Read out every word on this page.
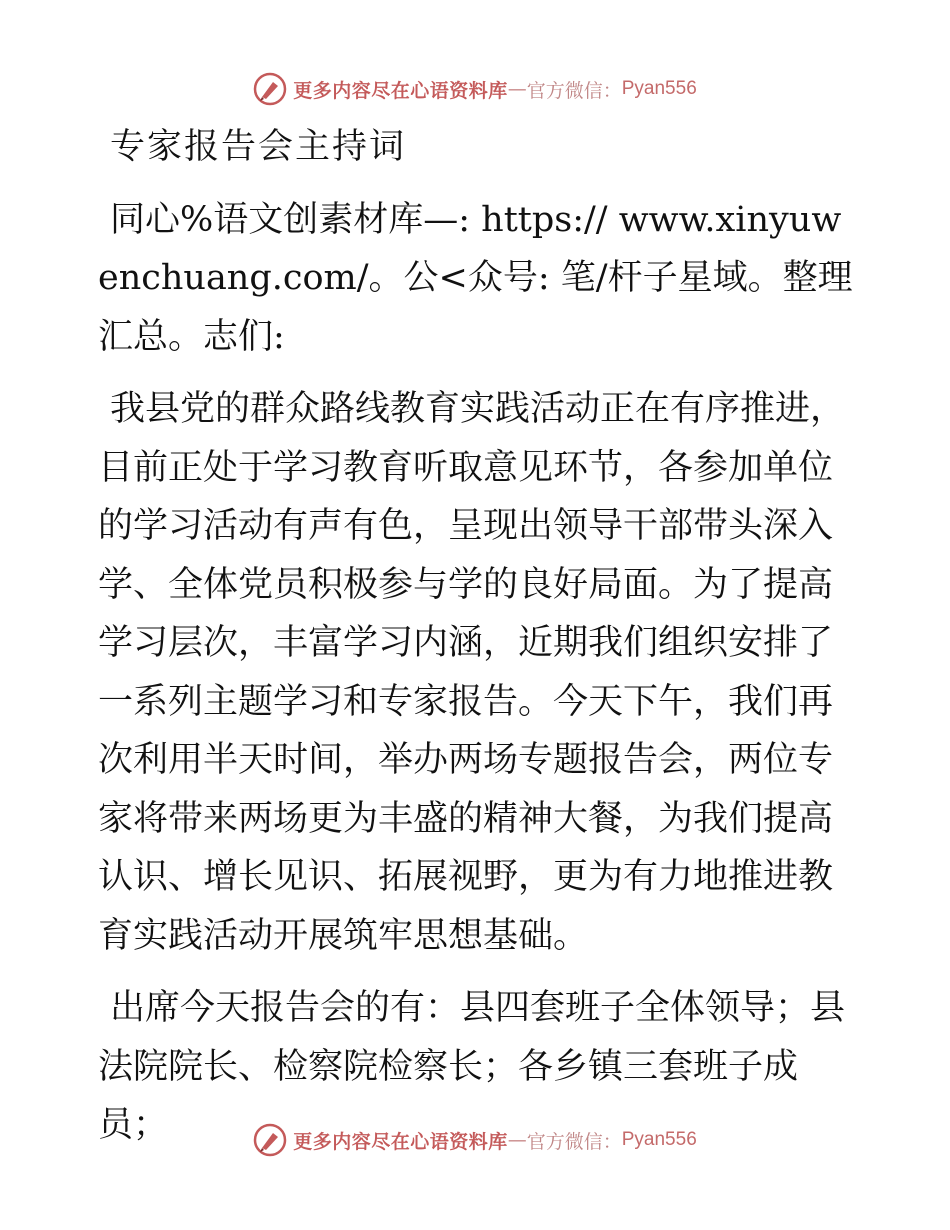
更多内容尽在心语资料库 — 官方微信： Pyan556

专家报告会主持词

同心%语文创素材库—: https:// www.xinyuwenchuang.com/。公<众号: 笔/杆子星域。整理汇总。志们:

我县党的群众路线教育实践活动正在有序推进，目前正处于学习教育听取意见环节，各参加单位的学习活动有声有色，呈现出领导干部带头深入学、全体党员积极参与学的良好局面。为了提高学习层次，丰富学习内涵，近期我们组织安排了一系列主题学习和专家报告。今天下午，我们再次利用半天时间，举办两场专题报告会，两位专家将带来两场更为丰盛的精神大餐，为我们提高认识、增长见识、拓展视野，更为有力地推进教育实践活动开展筑牢思想基础。

出席今天报告会的有：县四套班子全体领导；县法院院长、检察院检察长；各乡镇三套班子成员；	更多内容尽在心语资料库 — 官方微信： Pyan556
